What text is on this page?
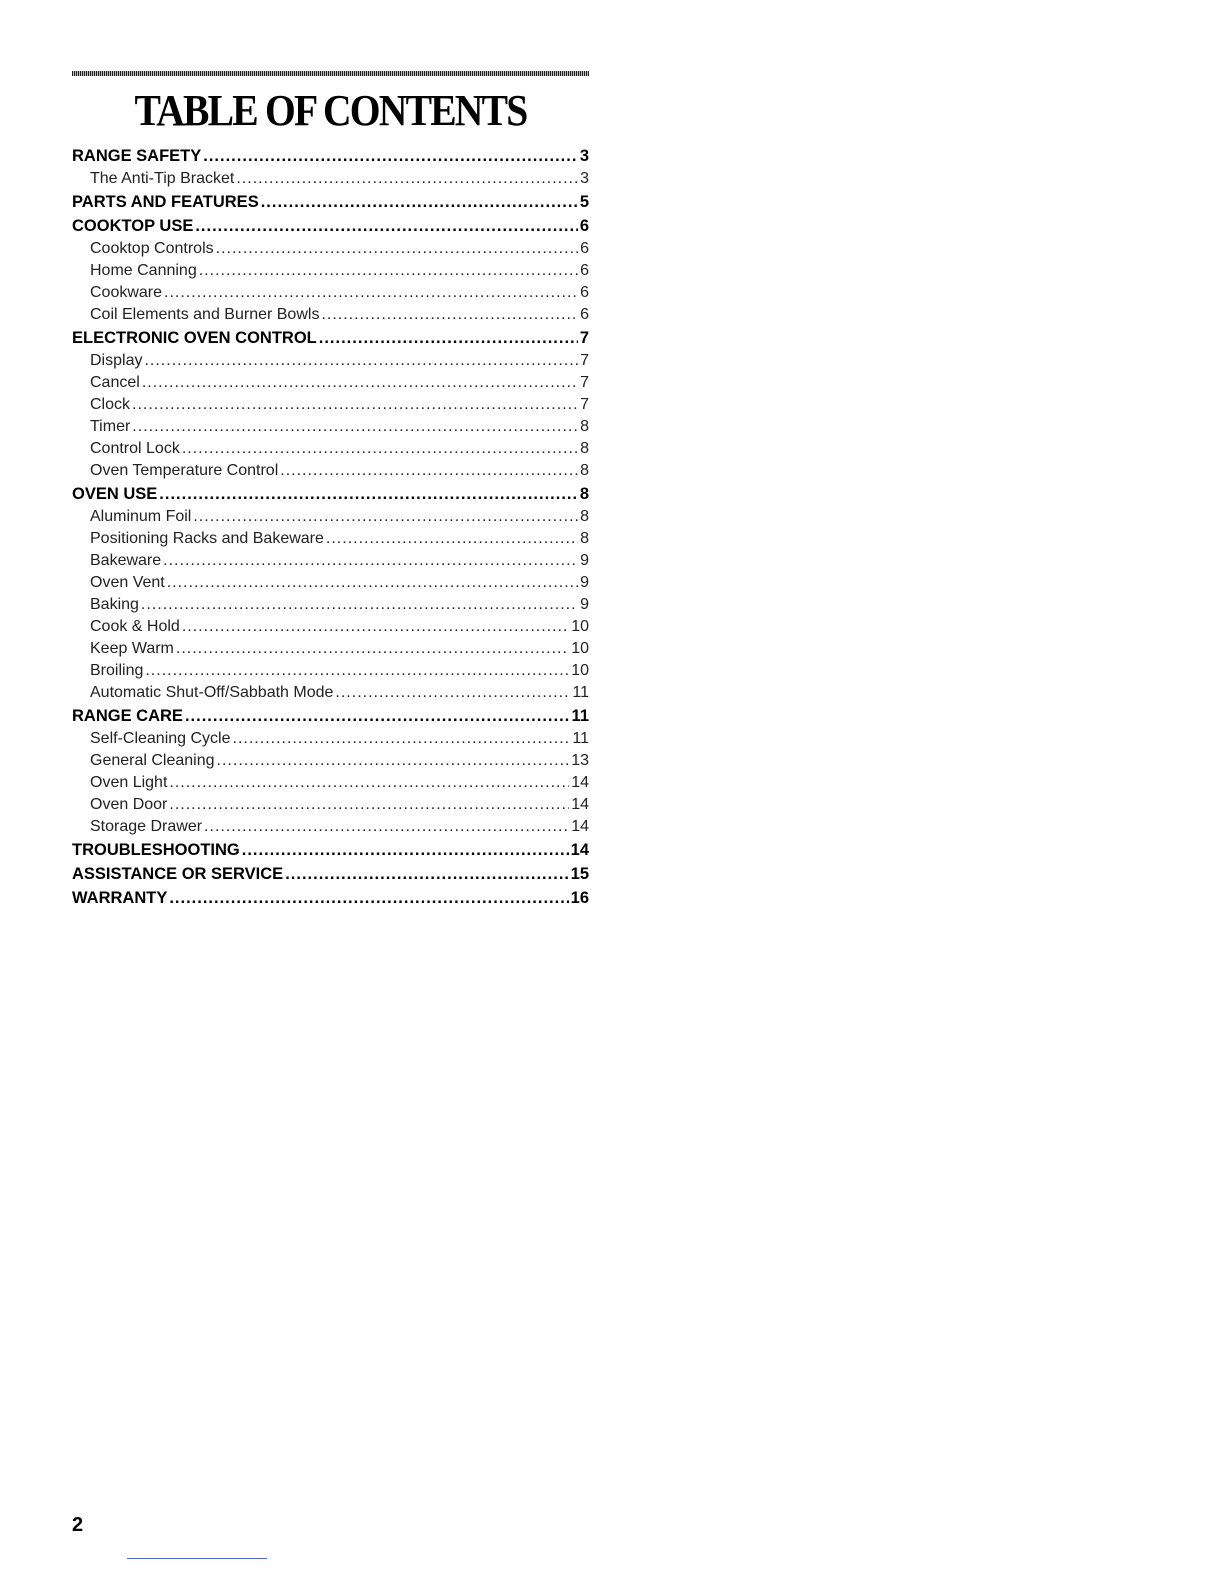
TABLE OF CONTENTS
RANGE SAFETY .....	3
The Anti-Tip Bracket .....	3
PARTS AND FEATURES .....	5
COOKTOP USE .....	6
Cooktop Controls .....	6
Home Canning .....	6
Cookware .....	6
Coil Elements and Burner Bowls .....	6
ELECTRONIC OVEN CONTROL .....	7
Display .....	7
Cancel .....	7
Clock .....	7
Timer .....	8
Control Lock .....	8
Oven Temperature Control .....	8
OVEN USE .....	8
Aluminum Foil .....	8
Positioning Racks and Bakeware .....	8
Bakeware .....	9
Oven Vent .....	9
Baking .....	9
Cook & Hold .....	10
Keep Warm .....	10
Broiling .....	10
Automatic Shut-Off/Sabbath Mode .....	11
RANGE CARE .....	11
Self-Cleaning Cycle .....	11
General Cleaning .....	13
Oven Light .....	14
Oven Door .....	14
Storage Drawer .....	14
TROUBLESHOOTING .....	14
ASSISTANCE OR SERVICE .....	15
WARRANTY .....	16
2
